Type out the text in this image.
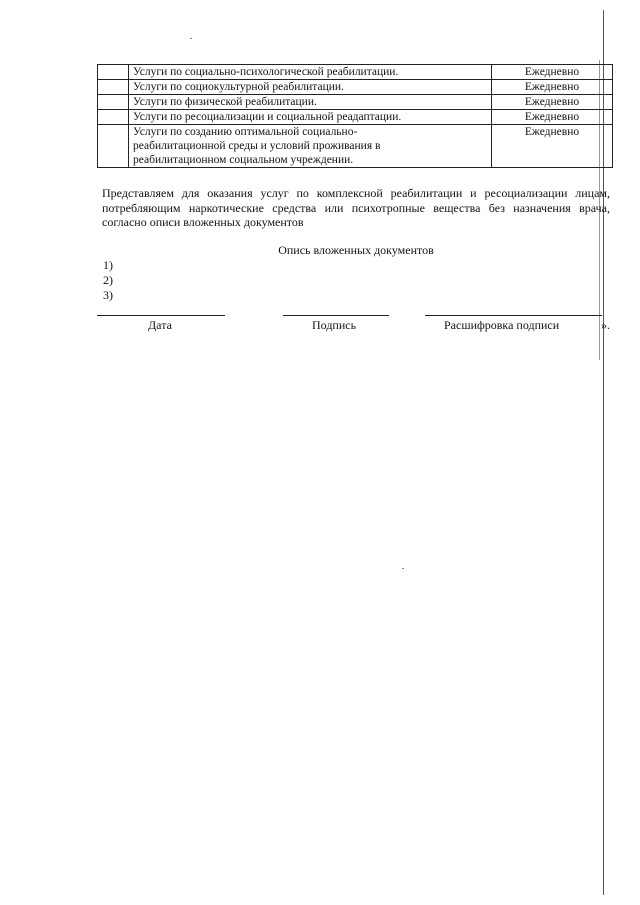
	Услуги по социально-психологической реабилитации.	Ежедневно
	Услуги по социокультурной реабилитации.	Ежедневно
	Услуги по физической реабилитации.	Ежедневно
	Услуги по ресоциализации и социальной реадаптации.	Ежедневно

	Услуги по созданию оптимальной социально-
реабилитационной среды и условий проживания в
реабилитационном социальном учреждении.	Ежедневно
Представляем для оказания услуг по комплексной реабилитации и ресоциализации лицам,
потребляющим наркотические средства или психотропные вещества без назначения врача,
согласно описи вложенных документов
Опись вложенных документов
1)
2)
3)
Дата	Подпись	Расшифровка подписи	».
